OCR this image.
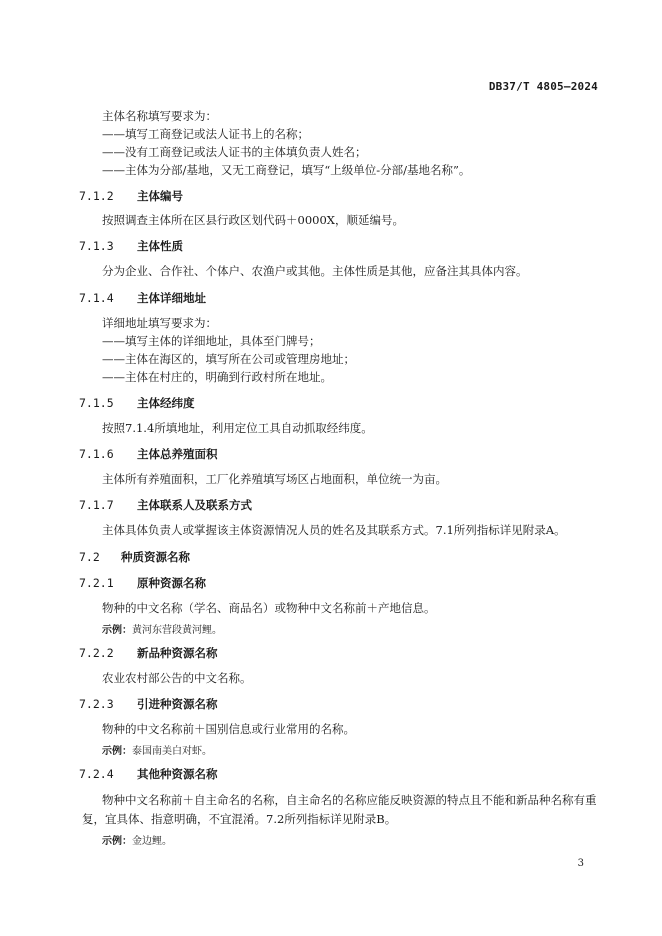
DB37/T 4805—2024
主体名称填写要求为：
——填写工商登记或法人证书上的名称；
——没有工商登记或法人证书的主体填负责人姓名；
——主体为分部/基地，又无工商登记，填写“上级单位-分部/基地名称”。
7.1.2 主体编号
按照调查主体所在区县行政区划代码＋0000X，顺延编号。
7.1.3 主体性质
分为企业、合作社、个体户、农渔户或其他。主体性质是其他，应备注其具体内容。
7.1.4 主体详细地址
详细地址填写要求为：
——填写主体的详细地址，具体至门牌号；
——主体在海区的，填写所在公司或管理房地址；
——主体在村庄的，明确到行政村所在地址。
7.1.5 主体经纬度
按照7.1.4所填地址，利用定位工具自动抓取经纬度。
7.1.6 主体总养殖面积
主体所有养殖面积，工厂化养殖填写场区占地面积，单位统一为亩。
7.1.7 主体联系人及联系方式
主体具体负责人或掌握该主体资源情况人员的姓名及其联系方式。7.1所列指标详见附录A。
7.2 种质资源名称
7.2.1 原种资源名称
物种的中文名称（学名、商品名）或物种中文名称前＋产地信息。
示例：黄河东营段黄河鲤。
7.2.2 新品种资源名称
农业农村部公告的中文名称。
7.2.3 引进种资源名称
物种的中文名称前＋国别信息或行业常用的名称。
示例：泰国南美白对虾。
7.2.4 其他种资源名称
物种中文名称前＋自主命名的名称，自主命名的名称应能反映资源的特点且不能和新品种名称有重复，宜具体、指意明确，不宜混淆。7.2所列指标详见附录B。
示例：金边鲤。
3
